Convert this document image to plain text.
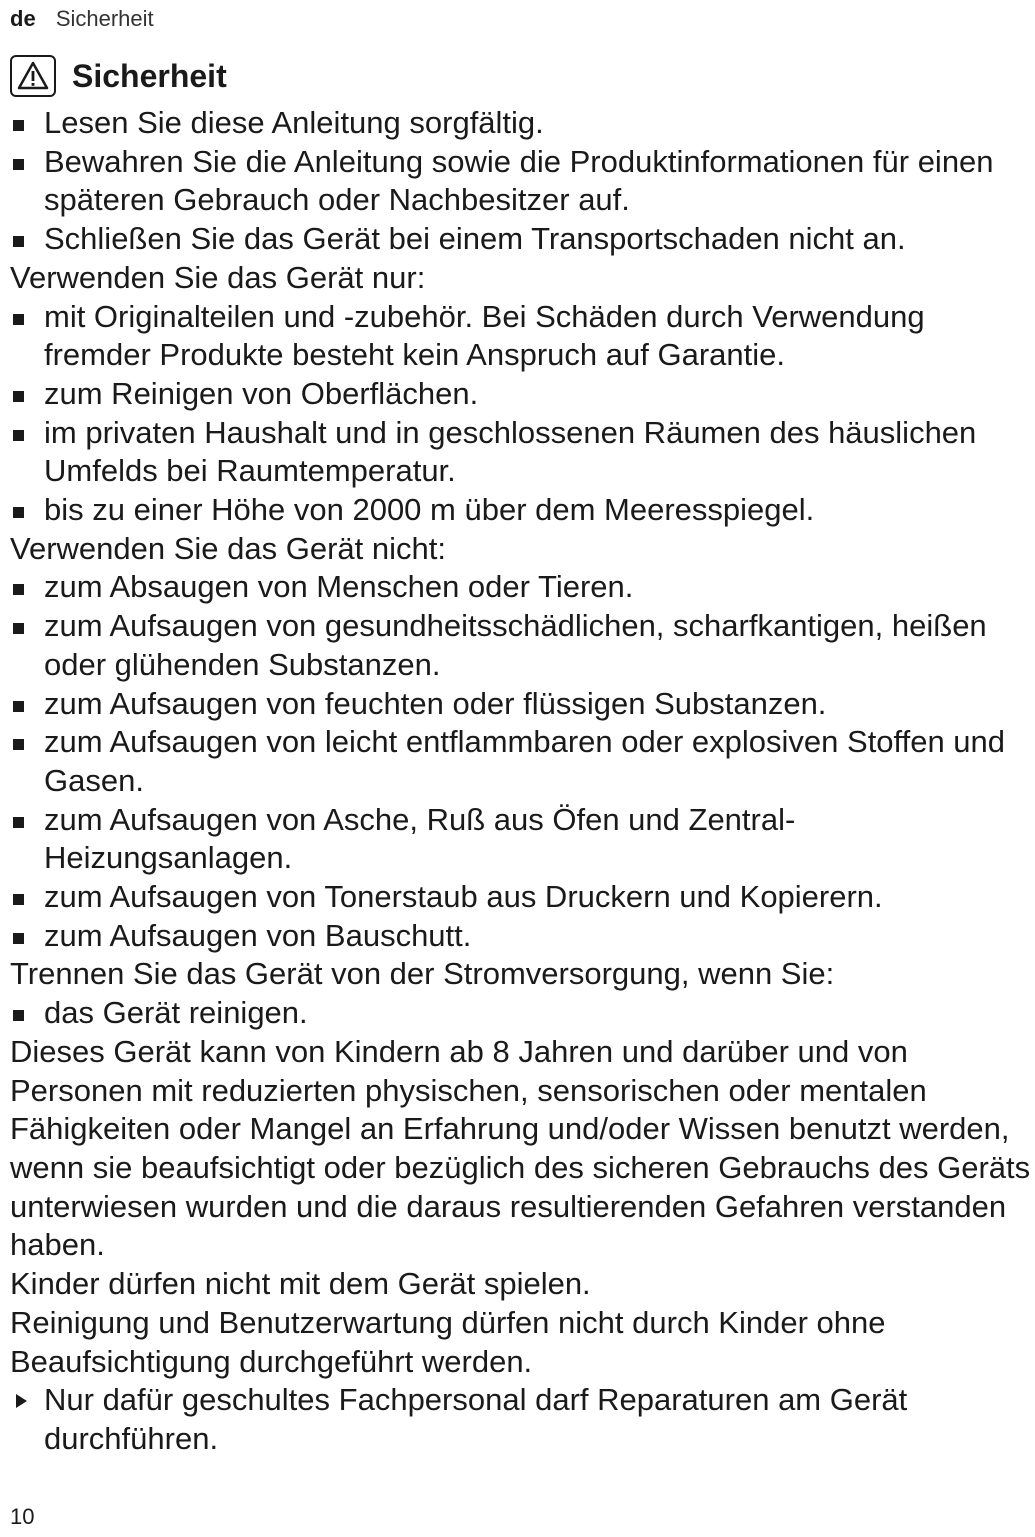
de Sicherheit
Sicherheit
Lesen Sie diese Anleitung sorgfältig.
Bewahren Sie die Anleitung sowie die Produktinformationen für einen späteren Gebrauch oder Nachbesitzer auf.
Schließen Sie das Gerät bei einem Transportschaden nicht an.
Verwenden Sie das Gerät nur:
mit Originalteilen und -zubehör. Bei Schäden durch Verwendung fremder Produkte besteht kein Anspruch auf Garantie.
zum Reinigen von Oberflächen.
im privaten Haushalt und in geschlossenen Räumen des häuslichen Umfelds bei Raumtemperatur.
bis zu einer Höhe von 2000 m über dem Meeresspiegel.
Verwenden Sie das Gerät nicht:
zum Absaugen von Menschen oder Tieren.
zum Aufsaugen von gesundheitsschädlichen, scharfkantigen, heißen oder glühenden Substanzen.
zum Aufsaugen von feuchten oder flüssigen Substanzen.
zum Aufsaugen von leicht entflammbaren oder explosiven Stoffen und Gasen.
zum Aufsaugen von Asche, Ruß aus Öfen und Zentral-Heizungsanlagen.
zum Aufsaugen von Tonerstaub aus Druckern und Kopierern.
zum Aufsaugen von Bauschutt.
Trennen Sie das Gerät von der Stromversorgung, wenn Sie:
das Gerät reinigen.
Dieses Gerät kann von Kindern ab 8 Jahren und darüber und von Personen mit reduzierten physischen, sensorischen oder mentalen Fähigkeiten oder Mangel an Erfahrung und/oder Wissen benutzt werden, wenn sie beaufsichtigt oder bezüglich des sicheren Gebrauchs des Geräts unterwiesen wurden und die daraus resultierenden Gefahren verstanden haben.
Kinder dürfen nicht mit dem Gerät spielen.
Reinigung und Benutzerwartung dürfen nicht durch Kinder ohne Beaufsichtigung durchgeführt werden.
Nur dafür geschultes Fachpersonal darf Reparaturen am Gerät durchführen.
10
